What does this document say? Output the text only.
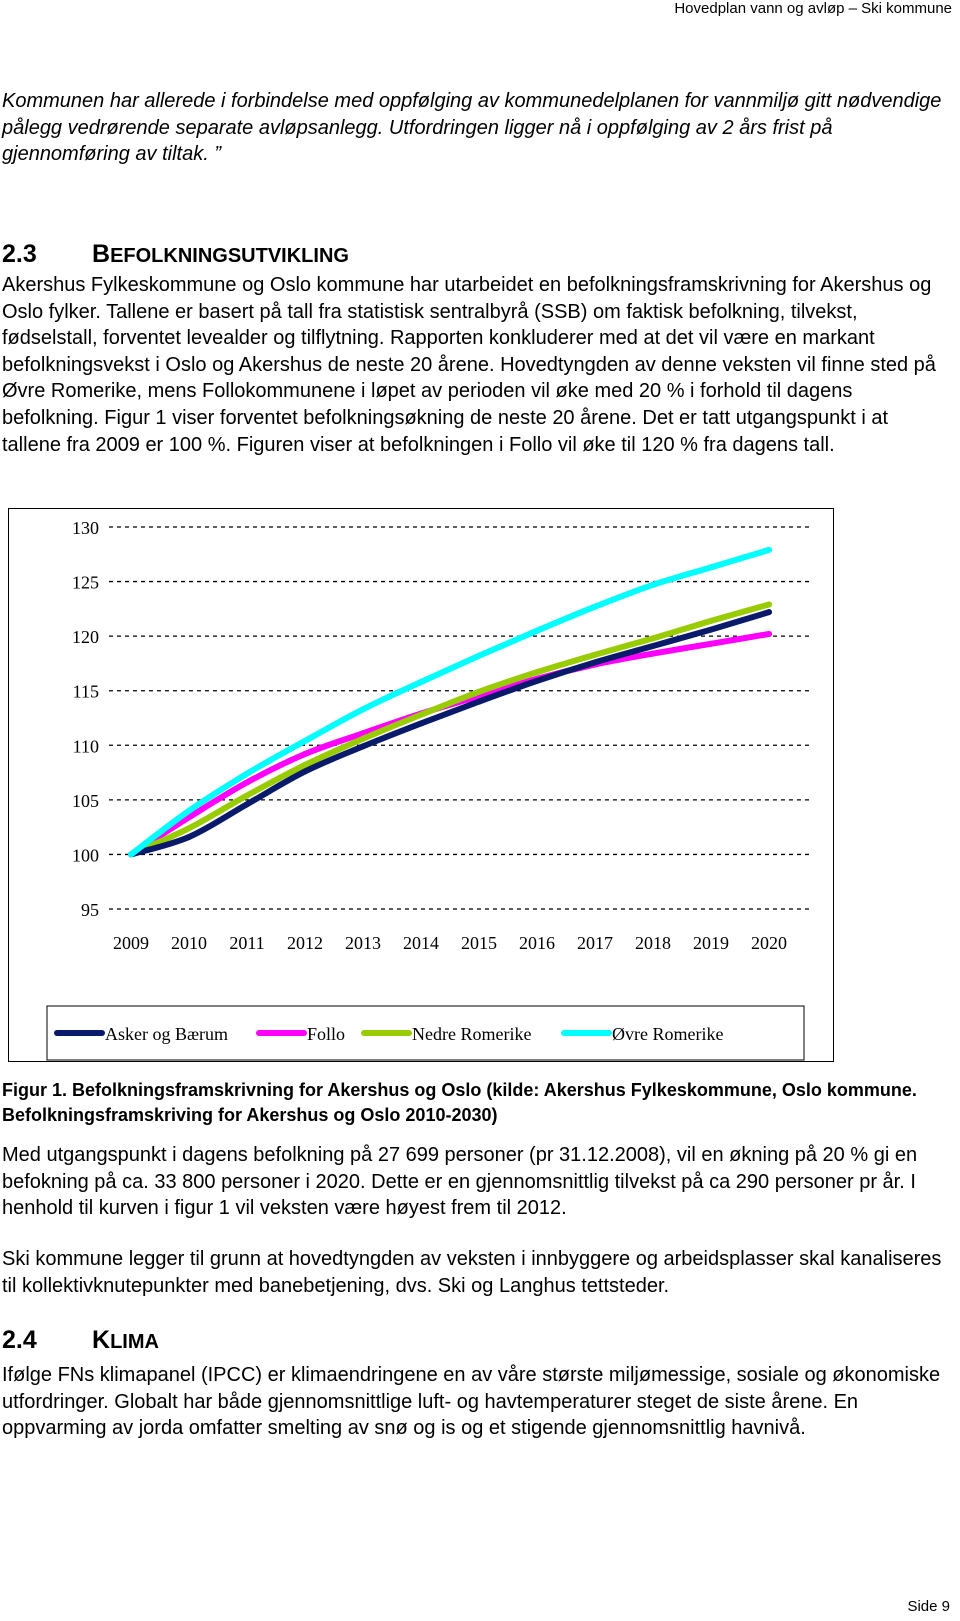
Hovedplan vann og avløp – Ski kommune

Kommunen har allerede i forbindelse med oppfølging av kommunedelplanen for vannmiljø gitt nødvendige pålegg vedrørende separate avløpsanlegg. Utfordringen ligger nå i oppfølging av 2 års frist på gjennomføring av tiltak. ”

2.3 BEFOLKNINGSUTVIKLING

Akershus Fylkeskommune og Oslo kommune har utarbeidet en befolkningsframskrivning for Akershus og Oslo fylker. Tallene er basert på tall fra statistisk sentralbyrå (SSB) om faktisk befolkning, tilvekst, fødselstall, forventet levealder og tilflytning. Rapporten konkluderer med at det vil være en markant befolkningsvekst i Oslo og Akershus de neste 20 årene. Hovedtyngden av denne veksten vil finne sted på Øvre Romerike, mens Follokommunene i løpet av perioden vil øke med 20 % i forhold til dagens befolkning. Figur 1 viser forventet befolkningsøkning de neste 20 årene. Det er tatt utgangspunkt i at tallene fra 2009 er 100 %. Figuren viser at befolkningen i Follo vil øke til 120 % fra dagens tall.

95
100
105
110
115
120
125
130
2009 2010 2011 2012 2013 2014 2015 2016 2017 2018 2019 2020
Asker og Bærum	Follo	Nedre Romerike	Øvre Romerike

Figur 1. Befolkningsframskrivning for Akershus og Oslo (kilde: Akershus Fylkeskommune, Oslo kommune. Befolkningsframskriving for Akershus og Oslo 2010-2030)

Med utgangspunkt i dagens befolkning på 27 699 personer (pr 31.12.2008), vil en økning på 20 % gi en befokning på ca. 33 800 personer i 2020. Dette er en gjennomsnittlig tilvekst på ca 290 personer pr år. I henhold til kurven i figur 1 vil veksten være høyest frem til 2012.

Ski kommune legger til grunn at hovedtyngden av veksten i innbyggere og arbeidsplasser skal kanaliseres til kollektivknutepunkter med banebetjening, dvs. Ski og Langhus tettsteder.

2.4 KLIMA

Ifølge FNs klimapanel (IPCC) er klimaendringene en av våre største miljømessige, sosiale og økonomiske utfordringer. Globalt har både gjennomsnittlige luft- og havtemperaturer steget de siste årene. En oppvarming av jorda omfatter smelting av snø og is og et stigende gjennomsnittlig havnivå.

Side 9
